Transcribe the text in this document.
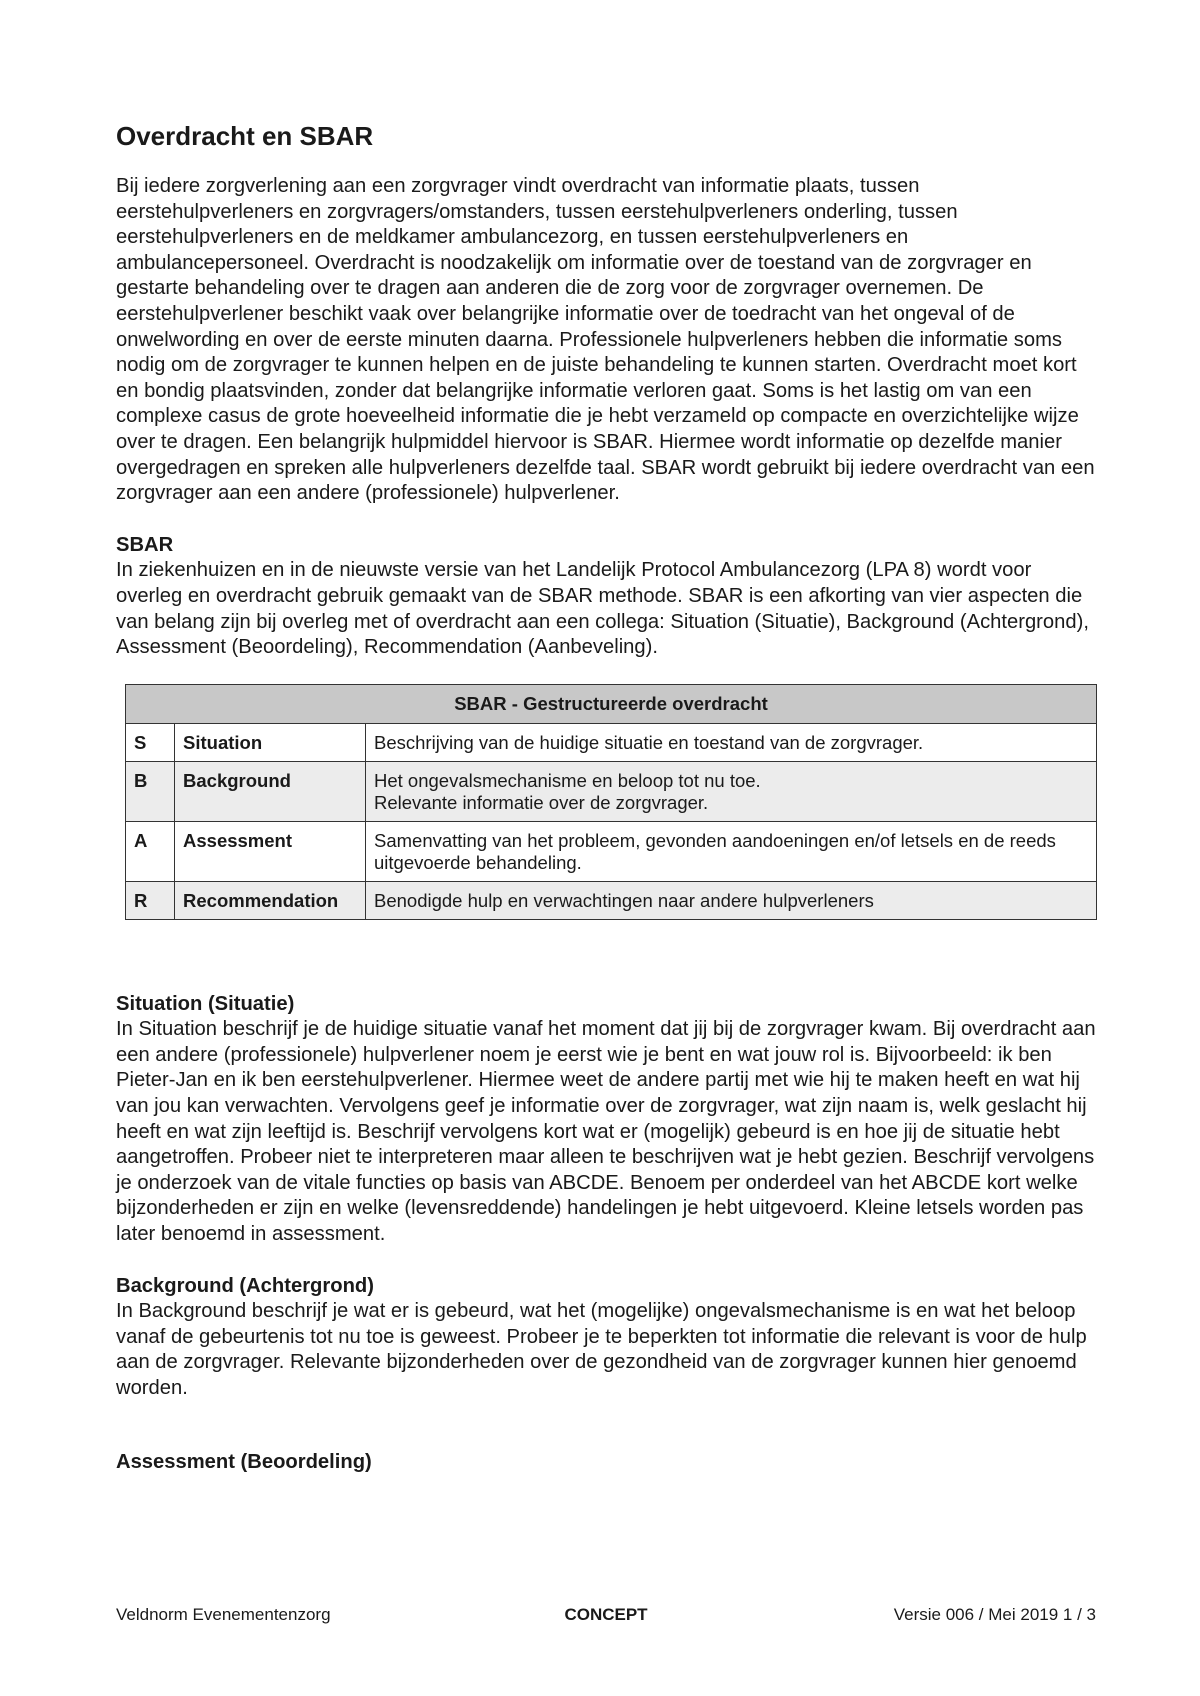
Overdracht en SBAR

Bij iedere zorgverlening aan een zorgvrager vindt overdracht van informatie plaats, tussen eerstehulpverleners en zorgvragers/omstanders, tussen eerstehulpverleners onderling, tussen eerstehulpverleners en de meldkamer ambulancezorg, en tussen eerstehulpverleners en ambulancepersoneel. Overdracht is noodzakelijk om informatie over de toestand van de zorgvrager en gestarte behandeling over te dragen aan anderen die de zorg voor de zorgvrager overnemen. De eerstehulpverlener beschikt vaak over belangrijke informatie over de toedracht van het ongeval of de onwelwording en over de eerste minuten daarna. Professionele hulpverleners hebben die informatie soms nodig om de zorgvrager te kunnen helpen en de juiste behandeling te kunnen starten. Overdracht moet kort en bondig plaatsvinden, zonder dat belangrijke informatie verloren gaat. Soms is het lastig om van een complexe casus de grote hoeveelheid informatie die je hebt verzameld op compacte en overzichtelijke wijze over te dragen. Een belangrijk hulpmiddel hiervoor is SBAR. Hiermee wordt informatie op dezelfde manier overgedragen en spreken alle hulpverleners dezelfde taal. SBAR wordt gebruikt bij iedere overdracht van een zorgvrager aan een andere (professionele) hulpverlener.

SBAR

In ziekenhuizen en in de nieuwste versie van het Landelijk Protocol Ambulancezorg (LPA 8) wordt voor overleg en overdracht gebruik gemaakt van de SBAR methode. SBAR is een afkorting van vier aspecten die van belang zijn bij overleg met of overdracht aan een collega: Situation (Situatie), Background (Achtergrond), Assessment (Beoordeling), Recommendation (Aanbeveling).

SBAR - Gestructureerde overdracht		
S	Situation	Beschrijving van de huidige situatie en toestand van de zorgvrager.

B	Background	Het ongevalsmechanisme en beloop tot nu toe.
Relevante informatie over de zorgvrager.

A	Assessment	Samenvatting van het probleem, gevonden aandoeningen en/of letsels en de reeds uitgevoerde behandeling.

R	Recommendation	Benodigde hulp en verwachtingen naar andere hulpverleners
Situation (Situatie)

In Situation beschrijf je de huidige situatie vanaf het moment dat jij bij de zorgvrager kwam. Bij overdracht aan een andere (professionele) hulpverlener noem je eerst wie je bent en wat jouw rol is. Bijvoorbeeld: ik ben Pieter-Jan en ik ben eerstehulpverlener. Hiermee weet de andere partij met wie hij te maken heeft en wat hij van jou kan verwachten. Vervolgens geef je informatie over de zorgvrager, wat zijn naam is, welk geslacht hij heeft en wat zijn leeftijd is. Beschrijf vervolgens kort wat er (mogelijk) gebeurd is en hoe jij de situatie hebt aangetroffen. Probeer niet te interpreteren maar alleen te beschrijven wat je hebt gezien. Beschrijf vervolgens je onderzoek van de vitale functies op basis van ABCDE. Benoem per onderdeel van het ABCDE kort welke bijzonderheden er zijn en welke (levensreddende) handelingen je hebt uitgevoerd. Kleine letsels worden pas later benoemd in assessment.

Background (Achtergrond)

In Background beschrijf je wat er is gebeurd, wat het (mogelijke) ongevalsmechanisme is en wat het beloop vanaf de gebeurtenis tot nu toe is geweest. Probeer je te beperkten tot informatie die relevant is voor de hulp aan de zorgvrager. Relevante bijzonderheden over de gezondheid van de zorgvrager kunnen hier genoemd worden.

Assessment (Beoordeling)
Veldnorm Evenementenzorg	CONCEPT	Versie 006 / Mei 2019 1 / 3
